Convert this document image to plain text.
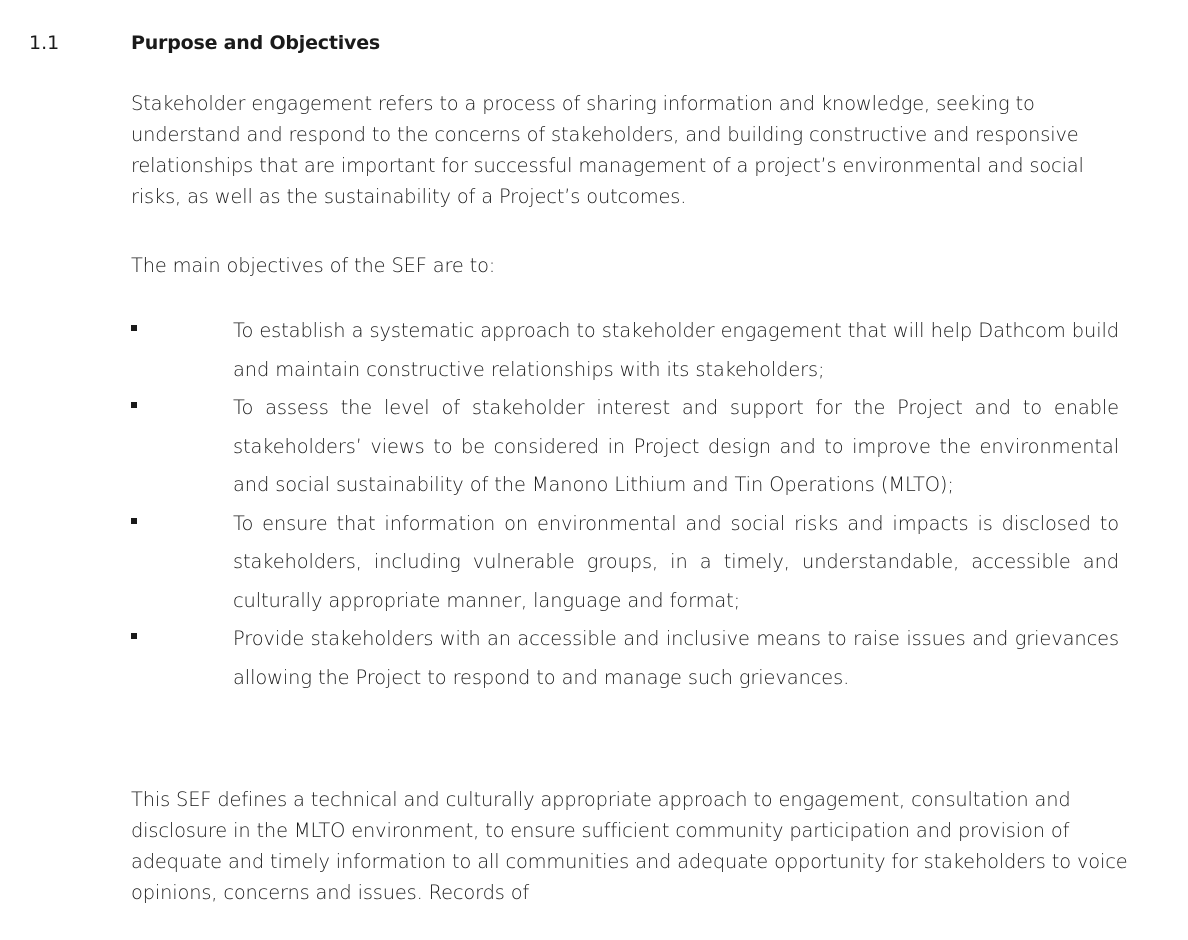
1.1	Purpose and Objectives

Stakeholder engagement refers to a process of sharing information and knowledge, seeking to understand and respond to the concerns of stakeholders, and building constructive and responsive relationships that are important for successful management of a project’s environmental and social risks, as well as the sustainability of a Project’s outcomes.

The main objectives of the SEF are to:

To establish a systematic approach to stakeholder engagement that will help Dathcom build and maintain constructive relationships with its stakeholders;
To assess the level of stakeholder interest and support for the Project and to enable stakeholders’ views to be considered in Project design and to improve the environmental and social sustainability of the Manono Lithium and Tin Operations (MLTO);
To ensure that information on environmental and social risks and impacts is disclosed to stakeholders, including vulnerable groups, in a timely, understandable, accessible and culturally appropriate manner, language and format;
Provide stakeholders with an accessible and inclusive means to raise issues and grievances allowing the Project to respond to and manage such grievances.

This SEF defines a technical and culturally appropriate approach to engagement, consultation and disclosure in the MLTO environment, to ensure sufficient community participation and provision of adequate and timely information to all communities and adequate opportunity for stakeholders to voice opinions, concerns and issues. Records of
